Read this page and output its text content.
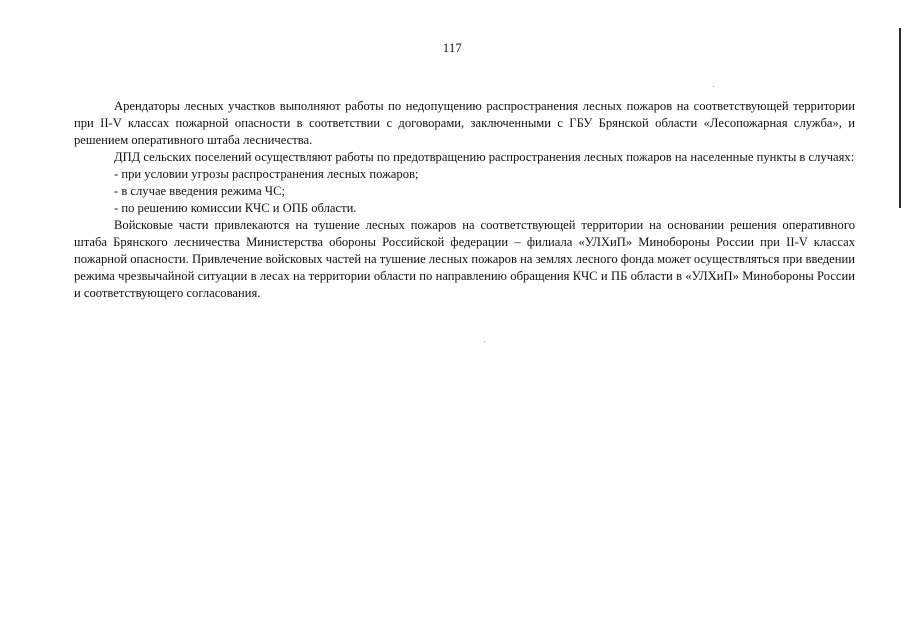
117

Арендаторы лесных участков выполняют работы по недопущению распространения лесных пожаров на соответствующей территории при II-V классах пожарной опасности в соответствии с договорами, заключенными с ГБУ Брянской области «Лесопожарная служба», и решением оперативного штаба лесничества.

ДПД сельских поселений осуществляют работы по предотвращению распространения лесных пожаров на населенные пункты в случаях:

- при условии угрозы распространения лесных пожаров;

- в случае введения режима ЧС;

- по решению комиссии КЧС и ОПБ области.

Войсковые части привлекаются на тушение лесных пожаров на соответствующей территории на основании решения оперативного штаба Брянского лесничества Министерства обороны Российской федерации – филиала «УЛХиП» Минобороны России при II-V классах пожарной опасности. Привлечение войсковых частей на тушение лесных пожаров на землях лесного фонда может осуществляться при введении режима чрезвычайной ситуации в лесах на территории области по направлению обращения КЧС и ПБ области в «УЛХиП» Минобороны России и соответствующего согласования.
